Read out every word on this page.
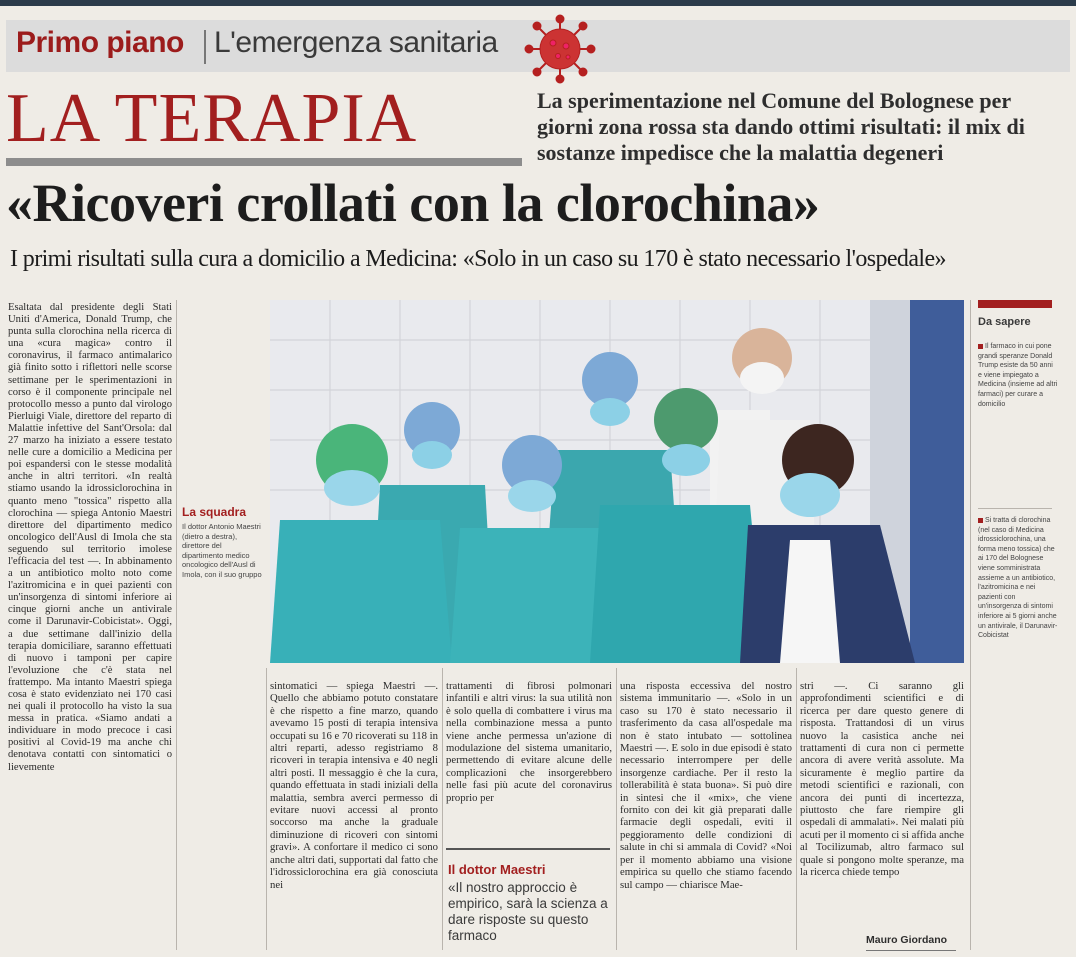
Primo piano L'emergenza sanitaria
LA TERAPIA	La sperimentazione nel Comune del Bolognese per giorni zona rossa sta dando ottimi risultati: il mix di sostanze impedisce che la malattia degeneri
«Ricoveri crollati con la clorochina»
I primi risultati sulla cura a domicilio a Medicina: «Solo in un caso su 170 è stato necessario l'ospedale»

Esaltata dal presidente degli Stati Uniti d'America, Donald Trump, che punta sulla clorochina nella ricerca di una «cura magica» contro il coronavirus, il farmaco antimalarico già finito sotto i riflettori nelle scorse settimane per le sperimentazioni in corso è il componente principale nel protocollo messo a punto dal virologo Pierluigi Viale, direttore del reparto di Malattie infettive del Sant'Orsola: dal 27 marzo ha iniziato a essere testato nelle cure a domicilio a Medicina per poi espandersi con le stesse modalità anche in altri territori. «In realtà stiamo usando la idrossiclorochina in quanto meno "tossica" rispetto alla clorochina — spiega Antonio Maestri direttore del dipartimento medico oncologico dell'Ausl di Imola che sta seguendo sul territorio imolese l'efficacia del test —. In abbinamento a un antibiotico molto noto come l'azitromicina e in quei pazienti con un'insorgenza di sintomi inferiore ai cinque giorni anche un antivirale come il Darunavir-Cobicistat». Oggi, a due settimane dall'inizio della terapia domiciliare, saranno effettuati di nuovo i tamponi per capire l'evoluzione che c'è stata nel frattempo. Ma intanto Maestri spiega cosa è stato evidenziato nei 170 casi nei quali il protocollo ha visto la sua messa in pratica. «Siamo andati a individuare in modo precoce i casi positivi al Covid-19 ma anche chi denotava contatti con sintomatici o lievemente

La squadra
Il dottor Antonio Maestri (dietro a destra), direttore del dipartimento medico oncologico dell'Ausl di Imola, con il suo gruppo

sintomatici — spiega Maestri —. Quello che abbiamo potuto constatare è che rispetto a fine marzo, quando avevamo 15 posti di terapia intensiva occupati su 16 e 70 ricoverati su 118 in altri reparti, adesso registriamo 8 ricoveri in terapia intensiva e 40 negli altri posti. Il messaggio è che la cura, quando effettuata in stadi iniziali della malattia, sembra averci permesso di evitare nuovi accessi al pronto soccorso ma anche la graduale diminuzione di ricoveri con sintomi gravi». A confortare il medico ci sono anche altri dati, supportati dal fatto che l'idrossiclorochina era già conosciuta nei

trattamenti di fibrosi polmonari infantili e altri virus: la sua utilità non è solo quella di combattere i virus ma nella combinazione messa a punto viene anche permessa un'azione di modulazione del sistema umanitario, permettendo di evitare alcune delle complicazioni che insorgerebbero nelle fasi più acute del coronavirus proprio per

Il dottor Maestri
«Il nostro approccio è empirico, sarà la scienza a dare risposte su questo farmaco

una risposta eccessiva del nostro sistema immunitario —. «Solo in un caso su 170 è stato necessario il trasferimento da casa all'ospedale ma non è stato intubato — sottolinea Maestri —. E solo in due episodi è stato necessario interrompere per delle insorgenze cardiache. Per il resto la tollerabilità è stata buona». Si può dire in sintesi che il «mix», che viene fornito con dei kit già preparati dalle farmacie degli ospedali, eviti il peggioramento delle condizioni di salute in chi si ammala di Covid? «Noi per il momento abbiamo una visione empirica su quello che stiamo facendo sul campo — chiarisce Mae-

stri —. Ci saranno gli approfondimenti scientifici e di ricerca per dare questo genere di risposta. Trattandosi di un virus nuovo la casistica anche nei trattamenti di cura non ci permette ancora di avere verità assolute. Ma sicuramente è meglio partire da metodi scientifici e razionali, con ancora dei punti di incertezza, piuttosto che fare riempire gli ospedali di ammalati». Nei malati più acuti per il momento ci si affida anche al Tocilizumab, altro farmaco sul quale si pongono molte speranze, ma la ricerca chiede tempo

Mauro Giordano
Da sapere
Il farmaco in cui pone grandi speranze Donald Trump esiste da 50 anni e viene impiegato a Medicina (insieme ad altri farmaci) per curare a domicilio
Si tratta di clorochina (nel caso di Medicina idrossiclorochina, una forma meno tossica) che ai 170 del Bolognese viene somministrata assieme a un antibiotico, l'azitromicina e nei pazienti con un'insorgenza di sintomi inferiore ai 5 giorni anche un antivirale, il Darunavir-Cobicistat
